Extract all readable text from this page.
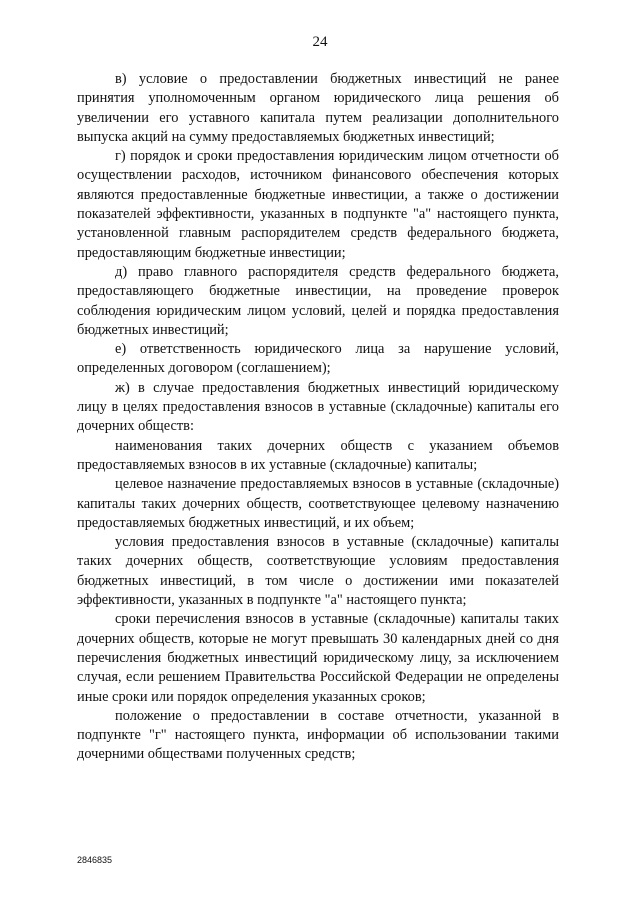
24

в) условие о предоставлении бюджетных инвестиций не ранее принятия уполномоченным органом юридического лица решения об увеличении его уставного капитала путем реализации дополнительного выпуска акций на сумму предоставляемых бюджетных инвестиций;

г) порядок и сроки предоставления юридическим лицом отчетности об осуществлении расходов, источником финансового обеспечения которых являются предоставленные бюджетные инвестиции, а также о достижении показателей эффективности, указанных в подпункте "а" настоящего пункта, установленной главным распорядителем средств федерального бюджета, предоставляющим бюджетные инвестиции;

д) право главного распорядителя средств федерального бюджета, предоставляющего бюджетные инвестиции, на проведение проверок соблюдения юридическим лицом условий, целей и порядка предоставления бюджетных инвестиций;

е) ответственность юридического лица за нарушение условий, определенных договором (соглашением);

ж) в случае предоставления бюджетных инвестиций юридическому лицу в целях предоставления взносов в уставные (складочные) капиталы его дочерних обществ:

наименования таких дочерних обществ с указанием объемов предоставляемых взносов в их уставные (складочные) капиталы;

целевое назначение предоставляемых взносов в уставные (складочные) капиталы таких дочерних обществ, соответствующее целевому назначению предоставляемых бюджетных инвестиций, и их объем;

условия предоставления взносов в уставные (складочные) капиталы таких дочерних обществ, соответствующие условиям предоставления бюджетных инвестиций, в том числе о достижении ими показателей эффективности, указанных в подпункте "а" настоящего пункта;

сроки перечисления взносов в уставные (складочные) капиталы таких дочерних обществ, которые не могут превышать 30 календарных дней со дня перечисления бюджетных инвестиций юридическому лицу, за исключением случая, если решением Правительства Российской Федерации не определены иные сроки или порядок определения указанных сроков;

положение о предоставлении в составе отчетности, указанной в подпункте "г" настоящего пункта, информации об использовании такими дочерними обществами полученных средств;

2846835
